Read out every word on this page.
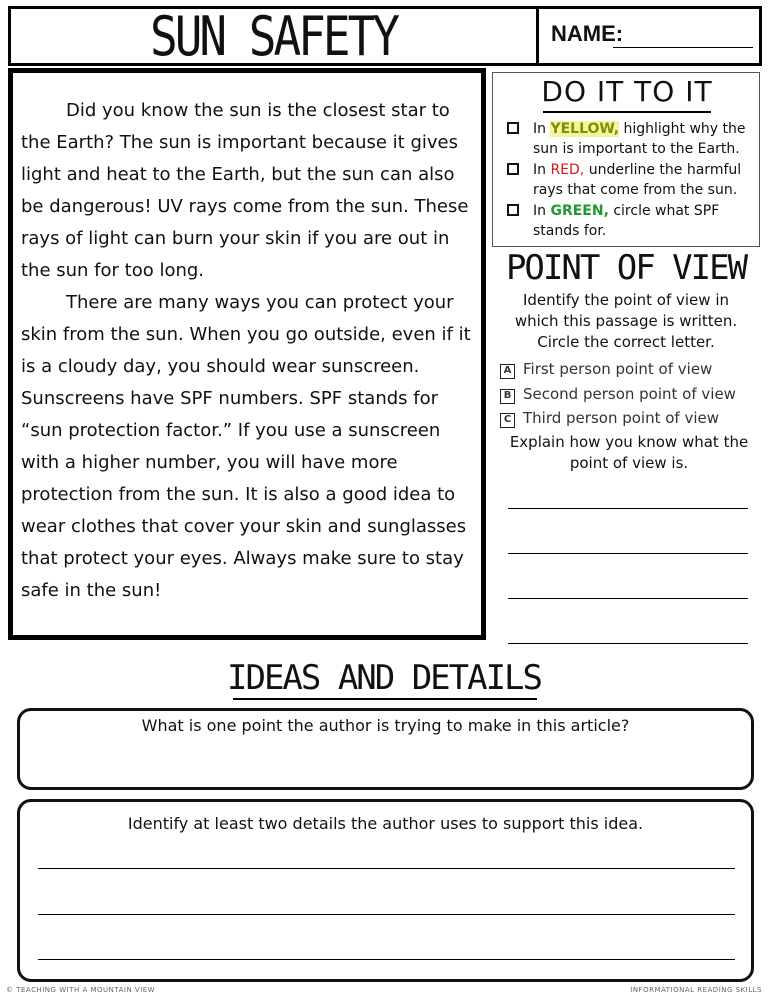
SUN SAFETY	NAME:

Did you know the sun is the closest star to the Earth? The sun is important because it gives light and heat to the Earth, but the sun can also be dangerous! UV rays come from the sun. These rays of light can burn your skin if you are out in the sun for too long.

There are many ways you can protect your skin from the sun. When you go outside, even if it is a cloudy day, you should wear sunscreen. Sunscreens have SPF numbers. SPF stands for “sun protection factor.” If you use a sunscreen with a higher number, you will have more protection from the sun. It is also a good idea to wear clothes that cover your skin and sunglasses that protect your eyes. Always make sure to stay safe in the sun!

DO IT TO IT
In YELLOW, highlight why the sun is important to the Earth.
In RED, underline the harmful rays that come from the sun.
In GREEN, circle what SPF stands for.
POINT OF VIEW
Identify the point of view in which this passage is written.
Circle the correct letter.
A First person point of view
B Second person point of view
C Third person point of view
Explain how you know what the point of view is.
IDEAS AND DETAILS
What is one point the author is trying to make in this article?
Identify at least two details the author uses to support this idea.
© TEACHING WITH A MOUNTAIN VIEW	INFORMATIONAL READING SKILLS
